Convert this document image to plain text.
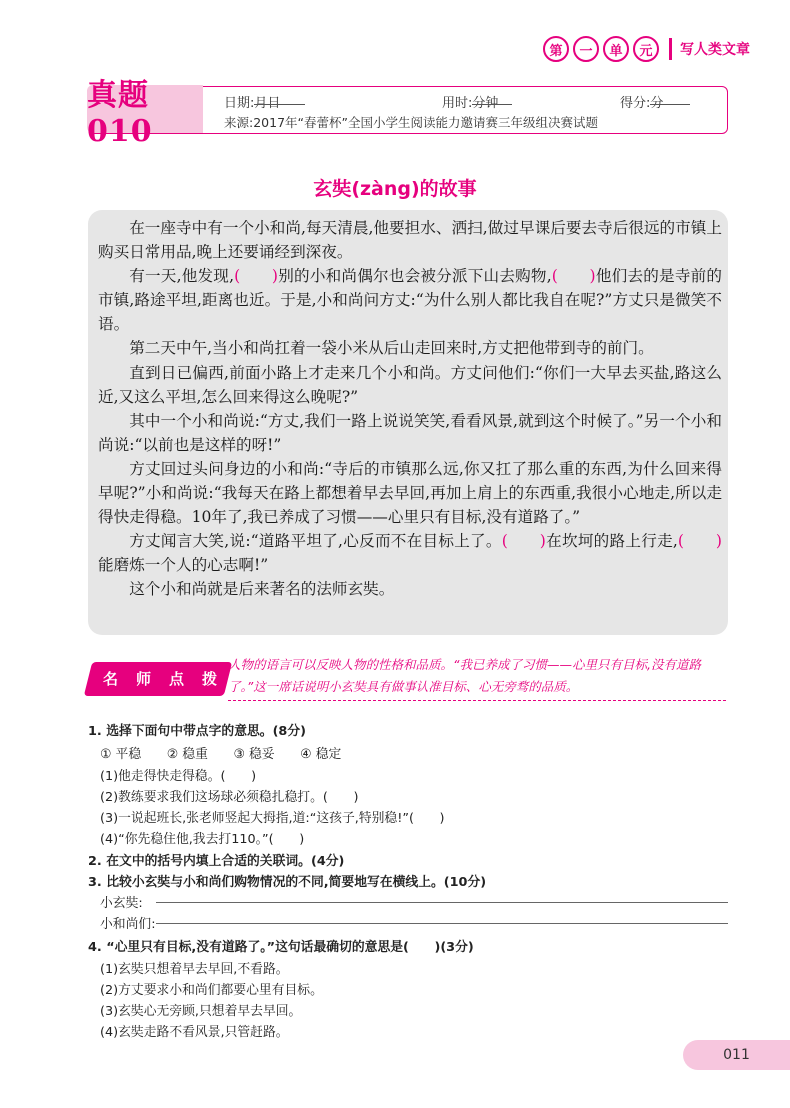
第	一	单	元	写人类文章
真题010
日期:
月
日	用时:
分钟	得分:
分
来源:2017年“春蕾杯”全国小学生阅读能力邀请赛三年级组决赛试题
玄奘(zàng)的故事

在一座寺中有一个小和尚,每天清晨,他要担水、洒扫,做过早课后要去寺后很远的市镇上购买日常用品,晚上还要诵经到深夜。

有一天,他发现,(　　)别的小和尚偶尔也会被分派下山去购物,(　　)他们去的是寺前的市镇,路途平坦,距离也近。于是,小和尚问方丈:“为什么别人都比我自在呢?”方丈只是微笑不语。

第二天中午,当小和尚扛着一袋小米从后山走回来时,方丈把他带到寺的前门。

直到日已偏西,前面小路上才走来几个小和尚。方丈问他们:“你们一大早去买盐,路这么近,又这么平坦,怎么回来得这么晚呢?”

其中一个小和尚说:“方丈,我们一路上说说笑笑,看看风景,就到这个时候了。”另一个小和尚说:“以前也是这样的呀!”

方丈回过头问身边的小和尚:“寺后的市镇那么远,你又扛了那么重的东西,为什么回来得早呢?”小和尚说:“我每天在路上都想着早去早回,再加上肩上的东西重,我很小心地走,所以走得快走得稳。10年了,我已养成了习惯——心里只有目标,没有道路了。”

方丈闻言大笑,说:“道路平坦了,心反而不在目标上了。(　　)在坎坷的路上行走,(　　)能磨炼一个人的心志啊!”

这个小和尚就是后来著名的法师玄奘。

名 师 点 拨
人物的语言可以反映人物的性格和品质。“我已养成了习惯——心里只有目标,没有道路了。”这一席话说明小玄奘具有做事认准目标、心无旁骛的品质。
1. 选择下面句中带点字的意思。(8分)
① 平稳　　② 稳重　　③ 稳妥　　④ 稳定
(1)他走得快走得稳。(　　)
(2)教练要求我们这场球必须稳扎稳打。(　　)
(3)一说起班长,张老师竖起大拇指,道:“这孩子,特别稳!”(　　)
(4)“你先稳住他,我去打110。”(　　)
2. 在文中的括号内填上合适的关联词。(4分)
3. 比较小玄奘与小和尚们购物情况的不同,简要地写在横线上。(10分)
小玄奘:
小和尚们:
4. “心里只有目标,没有道路了。”这句话最确切的意思是(　　)(3分)
(1)玄奘只想着早去早回,不看路。
(2)方丈要求小和尚们都要心里有目标。
(3)玄奘心无旁顾,只想着早去早回。
(4)玄奘走路不看风景,只管赶路。
011
